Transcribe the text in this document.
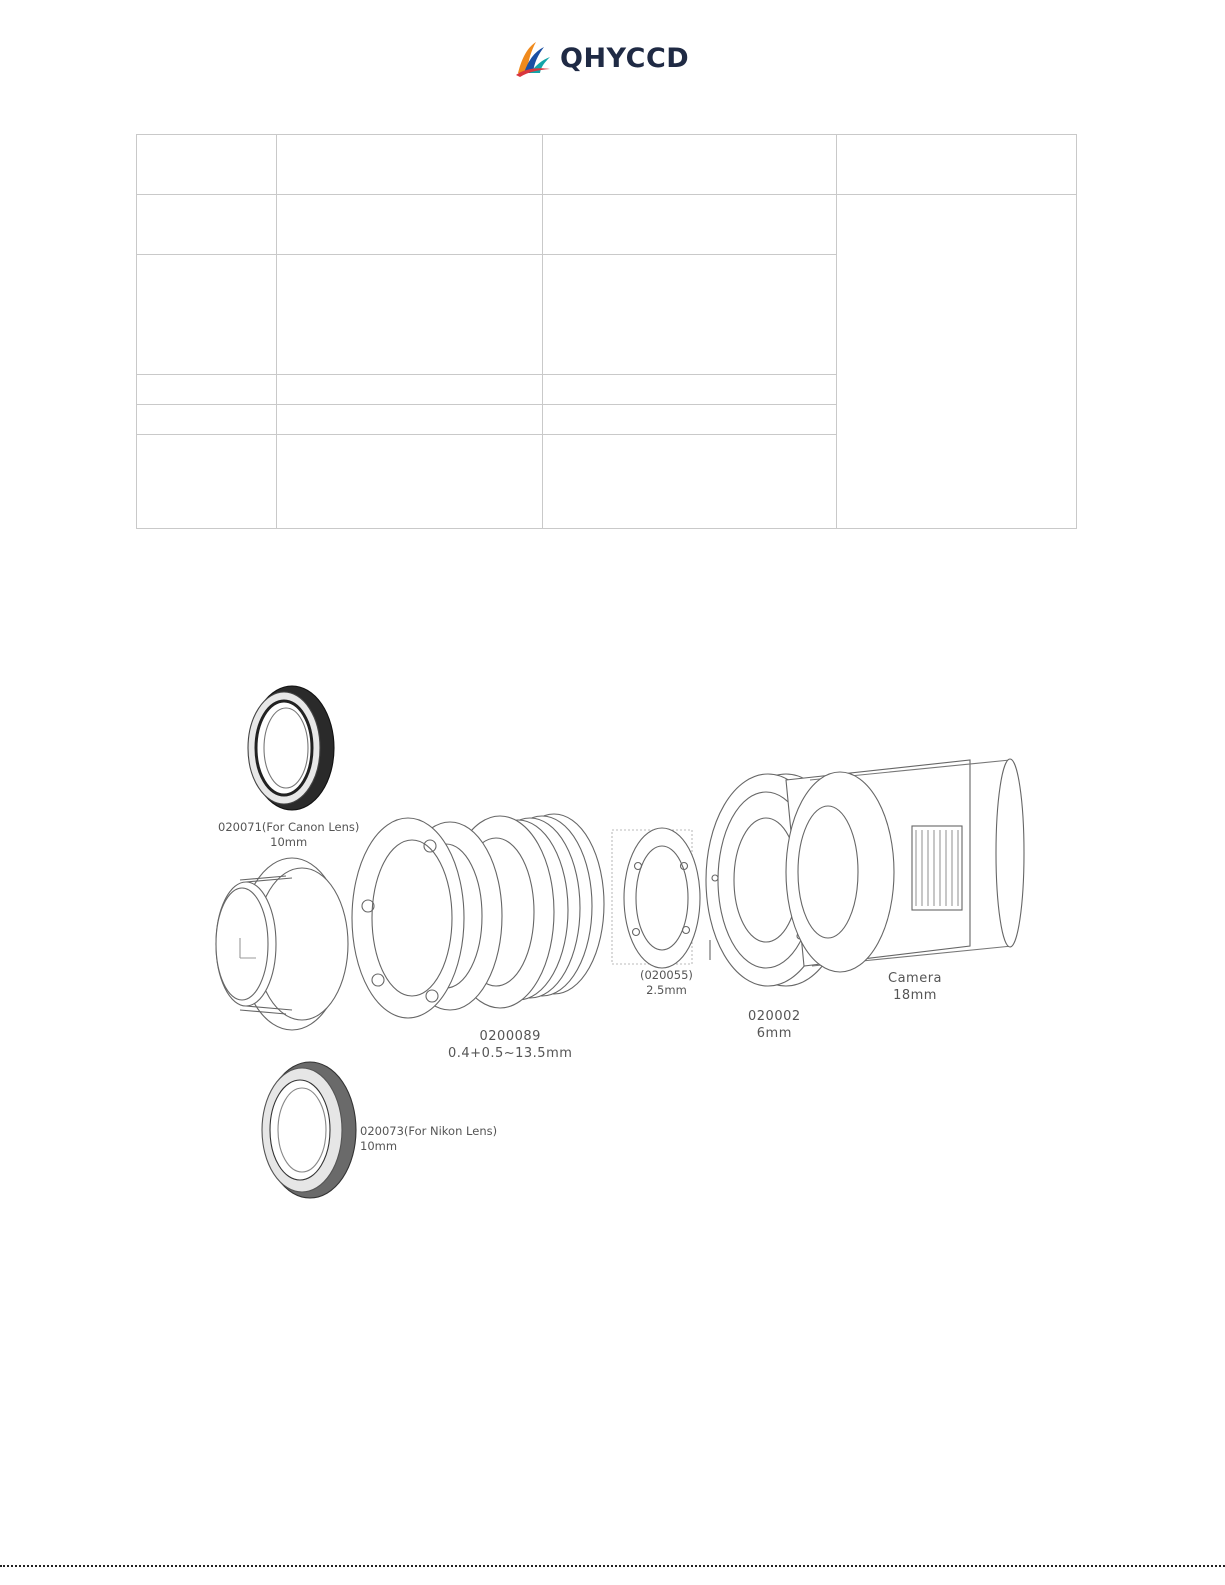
QHYCCD

020071(For Canon Lens)
10mm
0200089
0.4+0.5~13.5mm
(020055)
2.5mm
020002
6mm
Camera
18mm
020073(For Nikon Lens)
10mm
